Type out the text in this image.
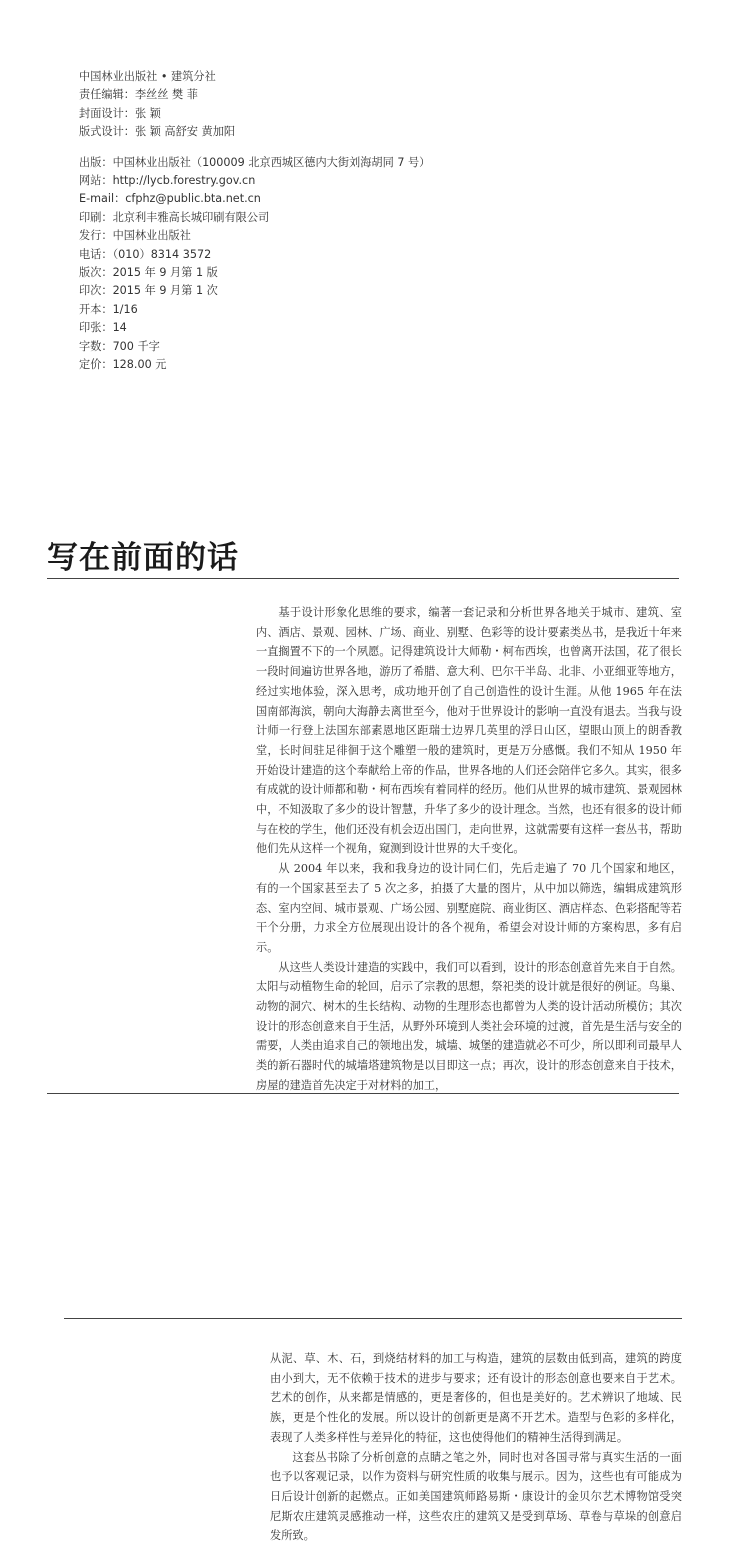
中国林业出版社 • 建筑分社
责任编辑：李丝丝 樊 菲
封面设计：张 颖
版式设计：张 颖 高舒安 黄加阳
出版：中国林业出版社（100009 北京西城区德内大街刘海胡同 7 号）
网站：http://lycb.forestry.gov.cn
E-mail：cfphz@public.bta.net.cn
印刷：北京利丰雅高长城印刷有限公司
发行：中国林业出版社
电话：（010）8314 3572
版次：2015 年 9 月第 1 版
印次：2015 年 9 月第 1 次
开本：1/16
印张：14
字数：700 千字
定价：128.00 元
写在前面的话

基于设计形象化思维的要求，编著一套记录和分析世界各地关于城市、建筑、室内、酒店、景观、园林、广场、商业、别墅、色彩等的设计要素类丛书，是我近十年来一直搁置不下的一个夙愿。记得建筑设计大师勒・柯布西埃，也曾离开法国，花了很长一段时间遍访世界各地，游历了希腊、意大利、巴尔干半岛、北非、小亚细亚等地方，经过实地体验，深入思考，成功地开创了自己创造性的设计生涯。从他 1965 年在法国南部海滨，朝向大海静去离世至今，他对于世界设计的影响一直没有退去。当我与设计师一行登上法国东部素恩地区距瑞士边界几英里的浮日山区，望眼山顶上的朗香教堂，长时间驻足徘徊于这个雕塑一般的建筑时，更是万分感慨。我们不知从 1950 年开始设计建造的这个奉献给上帝的作品，世界各地的人们还会陪伴它多久。其实，很多有成就的设计师都和勒・柯布西埃有着同样的经历。他们从世界的城市建筑、景观园林中，不知汲取了多少的设计智慧，升华了多少的设计理念。当然，也还有很多的设计师与在校的学生，他们还没有机会迈出国门，走向世界，这就需要有这样一套丛书，帮助他们先从这样一个视角，窥测到设计世界的大千变化。

从 2004 年以来，我和我身边的设计同仁们，先后走遍了 70 几个国家和地区，有的一个国家甚至去了 5 次之多，拍摄了大量的图片，从中加以筛选，编辑成建筑形态、室内空间、城市景观、广场公园、别墅庭院、商业街区、酒店样态、色彩搭配等若干个分册，力求全方位展现出设计的各个视角，希望会对设计师的方案构思，多有启示。

从这些人类设计建造的实践中，我们可以看到，设计的形态创意首先来自于自然。太阳与动植物生命的轮回，启示了宗教的思想，祭祀类的设计就是很好的例证。鸟巢、动物的洞穴、树木的生长结构、动物的生理形态也都曾为人类的设计活动所模仿；其次设计的形态创意来自于生活，从野外环境到人类社会环境的过渡，首先是生活与安全的需要，人类由追求自己的领地出发，城墙、城堡的建造就必不可少，所以即利司最早人类的新石器时代的城墙塔建筑物是以目即这一点；再次，设计的形态创意来自于技术，房屋的建造首先决定于对材料的加工，

从泥、草、木、石，到烧结材料的加工与构造，建筑的层数由低到高，建筑的跨度由小到大，无不依赖于技术的进步与要求；还有设计的形态创意也要来自于艺术。艺术的创作，从来都是情感的，更是奢侈的，但也是美好的。艺术辨识了地域、民族，更是个性化的发展。所以设计的创新更是离不开艺术。造型与色彩的多样化，表现了人类多样性与差异化的特征，这也使得他们的精神生活得到满足。

这套丛书除了分析创意的点睛之笔之外，同时也对各国寻常与真实生活的一面也予以客观记录，以作为资料与研究性质的收集与展示。因为，这些也有可能成为日后设计创新的起燃点。正如美国建筑师路易斯・康设计的金贝尔艺术博物馆受突尼斯农庄建筑灵感推动一样，这些农庄的建筑又是受到草场、草卷与草垛的创意启发所致。
